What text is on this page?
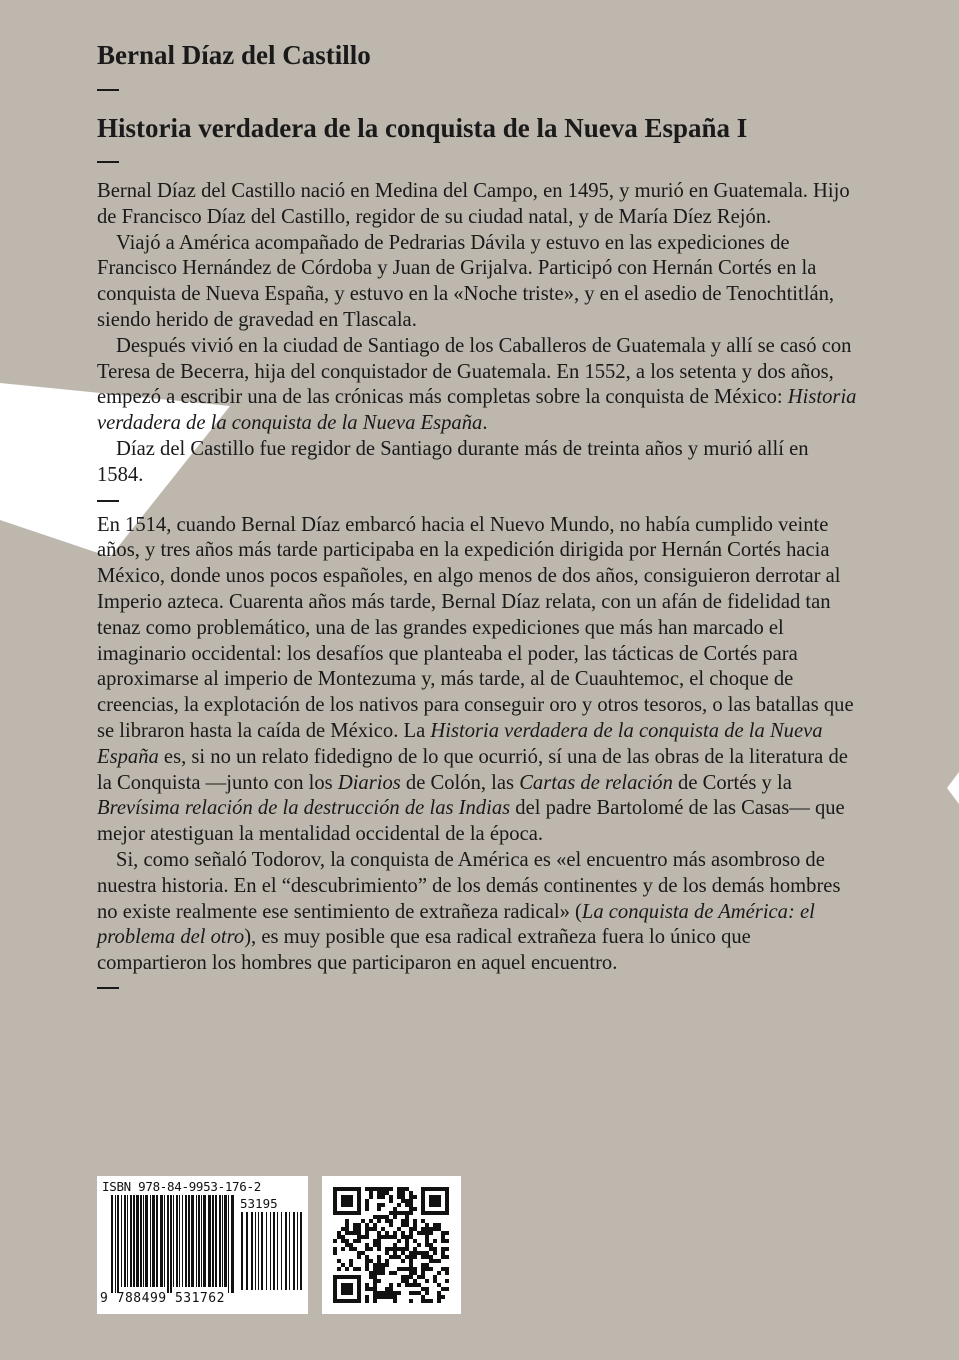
Bernal Díaz del Castillo
Historia verdadera de la conquista de la Nueva España I

Bernal Díaz del Castillo nació en Medina del Campo, en 1495, y murió en Guatemala. Hijo de Francisco Díaz del Castillo, regidor de su ciudad natal, y de María Díez Rejón.

Viajó a América acompañado de Pedrarias Dávila y estuvo en las expediciones de Francisco Hernández de Córdoba y Juan de Grijalva. Participó con Hernán Cortés en la conquista de Nueva España, y estuvo en la «Noche triste», y en el asedio de Tenochtitlán, siendo herido de gravedad en Tlascala.

Después vivió en la ciudad de Santiago de los Caballeros de Guatemala y allí se casó con Teresa de Becerra, hija del conquistador de Guatemala. En 1552, a los setenta y dos años, empezó a escribir una de las crónicas más completas sobre la conquista de México: Historia verdadera de la conquista de la Nueva España.

Díaz del Castillo fue regidor de Santiago durante más de treinta años y murió allí en 1584.

En 1514, cuando Bernal Díaz embarcó hacia el Nuevo Mundo, no había cumplido veinte años, y tres años más tarde participaba en la expedición dirigida por Hernán Cortés hacia México, donde unos pocos españoles, en algo menos de dos años, consiguieron derrotar al Imperio azteca. Cuarenta años más tarde, Bernal Díaz relata, con un afán de fidelidad tan tenaz como problemático, una de las grandes expediciones que más han marcado el imaginario occidental: los desafíos que planteaba el poder, las tácticas de Cortés para aproximarse al imperio de Montezuma y, más tarde, al de Cuauhtemoc, el choque de creencias, la explotación de los nativos para conseguir oro y otros tesoros, o las batallas que se libraron hasta la caída de México. La Historia verdadera de la conquista de la Nueva España es, si no un relato fidedigno de lo que ocurrió, sí una de las obras de la literatura de la Conquista —junto con los Diarios de Colón, las Cartas de relación de Cortés y la Brevísima relación de la destrucción de las Indias del padre Bartolomé de las Casas— que mejor atestiguan la mentalidad occidental de la época.

Si, como señaló Todorov, la conquista de América es «el encuentro más asombroso de nuestra historia. En el “descubrimiento” de los demás continentes y de los demás hombres no existe realmente ese sentimiento de extrañeza radical» (La conquista de América: el problema del otro), es muy posible que esa radical extrañeza fuera lo único que compartieron los hombres que participaron en aquel encuentro.

ISBN 978-84-9953-176-2
53195
9 788499 531762
